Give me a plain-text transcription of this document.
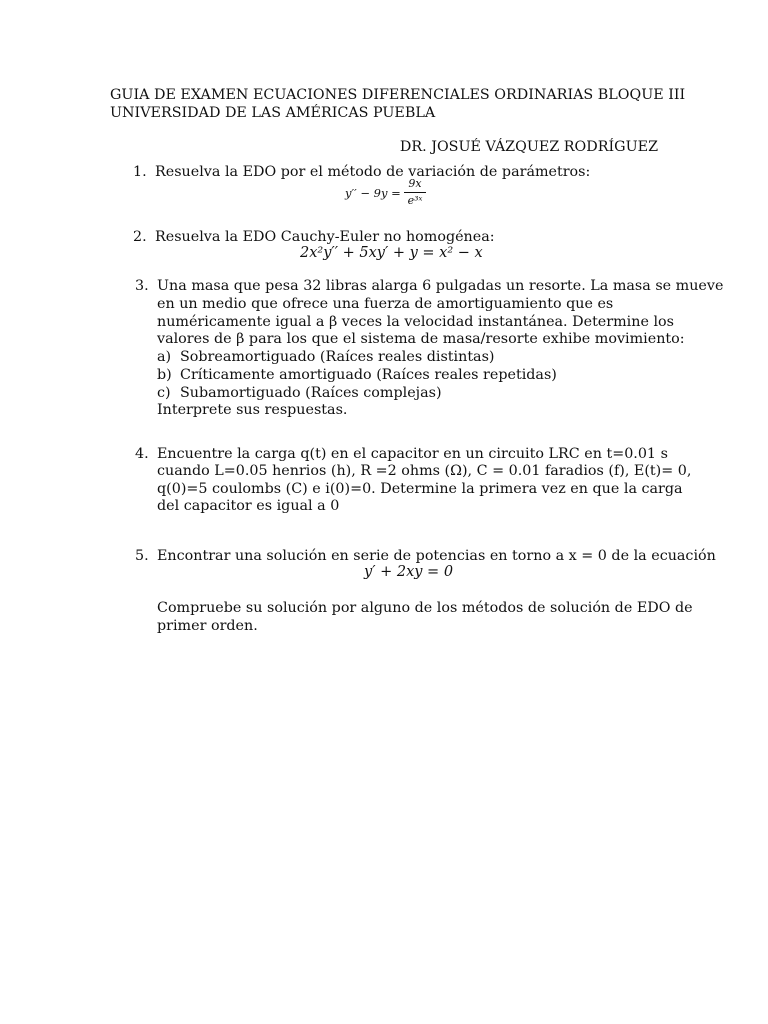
GUIA DE EXAMEN ECUACIONES DIFERENCIALES ORDINARIAS BLOQUE III
UNIVERSIDAD DE LAS AMÉRICAS PUEBLA
DR. JOSUÉ VÁZQUEZ RODRÍGUEZ
1. Resuelva la EDO por el método de variación de parámetros:
y′′ − 9y =
9x
e³ˣ
2. Resuelva la EDO Cauchy-Euler no homogénea:
2x²y′′ + 5xy′ + y = x² − x
3. Una masa que pesa 32 libras alarga 6 pulgadas un resorte. La masa se mueve
en un medio que ofrece una fuerza de amortiguamiento que es
numéricamente igual a β veces la velocidad instantánea. Determine los
valores de β para los que el sistema de masa/resorte exhibe movimiento:
a) Sobreamortiguado (Raíces reales distintas)
b) Críticamente amortiguado (Raíces reales repetidas)
c) Subamortiguado (Raíces complejas)
Interprete sus respuestas.
4. Encuentre la carga q(t) en el capacitor en un circuito LRC en t=0.01 s
cuando L=0.05 henrios (h), R =2 ohms (Ω), C = 0.01 faradios (f), E(t)= 0,
q(0)=5 coulombs (C) e i(0)=0. Determine la primera vez en que la carga
del capacitor es igual a 0
5. Encontrar una solución en serie de potencias en torno a x = 0 de la ecuación
y′ + 2xy = 0
Compruebe su solución por alguno de los métodos de solución de EDO de
primer orden.
